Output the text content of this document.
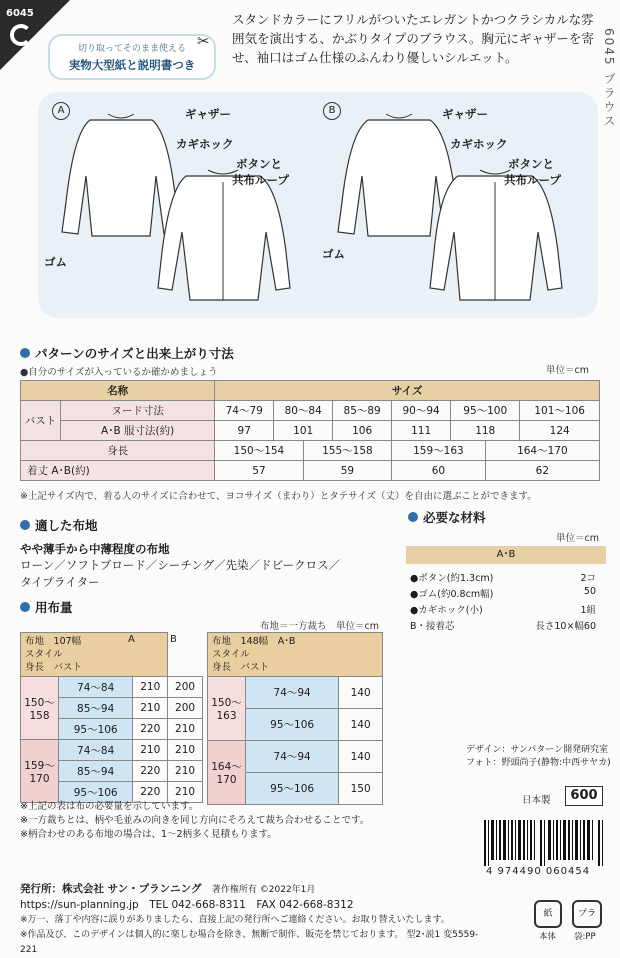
6045
6045 ブラウス
切り取ってそのまま使える
実物大型紙と説明書つき
✂
スタンドカラーにフリルがついたエレガントかつクラシカルな雰囲気を演出する、かぶりタイプのブラウス。胸元にギャザーを寄せ、袖口はゴム仕様のふんわり優しいシルエット。
A	B
ギャザー
カギホック
ボタンと
共布ループ
ゴム
ギャザー
カギホック
ボタンと
共布ループ
ゴム
パターンのサイズと出来上がり寸法
●自分のサイズが入っているか確かめましょう	単位＝cm
名称		サイズ							
バスト	ヌード寸法	74〜79	80〜84		85〜89	90〜94	95〜100		101〜106
	A･B 服寸法(約)	97	101		106	111	118		124
身長		150〜154		155〜158		159〜163		164〜170	
着丈 A･B(約)		57		59		60		62	
※上記サイズ内で、着る人のサイズに合わせて、ヨコサイズ（まわり）とタテサイズ（丈）を自由に選ぶことができます。
適した布地
やや薄手から中薄程度の布地
ローン／ソフトブロード／シーチング／先染／ドビークロス／
タイプライター
必要な材料
単位＝cm
A･B
●ボタン(約1.3cm)	2コ
●ゴム(約0.8cm幅)	50
●カギホック(小)	1組
B・接着芯	長さ10×幅60
用布量
布地＝一方裁ち　単位＝cm
布地　 107幅
スタイル
身長　 バスト		
150〜158	74〜84	210	200
	85〜94	210	200
	95〜106	220	210
159〜170	74〜84	210	210
	85〜94	220	210
	95〜106	220	210
A	B	布地　 148幅　 A･B
スタイル
身長　 バスト		
150〜163	74〜94	140
	95〜106	140
164〜170	74〜94	140
	95〜106	150
※上記の表は布の必要量を示しています。
※一方裁ちとは、柄や毛並みの向きを同じ方向にそろえて裁ち合わせることです。
※柄合わせのある布地の場合は、1〜2柄多く見積もります。
デザイン：サンパターン開発研究室
フォト：野頭尚子(静物:中西サヤカ)
日本製	600
4 974490 060454
発行所：株式会社 サン・プランニング　 著作権所有 ©2022年1月
https://sun-planning.jp　 TEL 042-668-8311　 FAX 042-668-8312
※万一、落丁や内容に誤りがありましたら、直接上記の発行所へご連絡ください。お取り替えいたします。
※作品及び、このデザインは個人的に楽しむ場合を除き、無断で制作、販売を禁じております。 型2･説1 変5559-221
紙	プラ
本体 袋:PP
